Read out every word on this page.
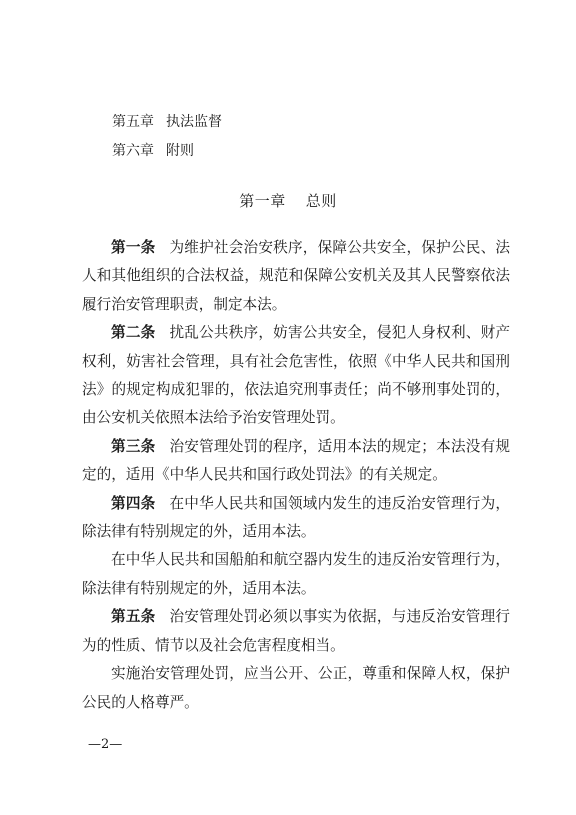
第五章 执法监督
第六章 附则
第一章 总则

第一条 为维护社会治安秩序，保障公共安全，保护公民、法人和其他组织的合法权益，规范和保障公安机关及其人民警察依法履行治安管理职责，制定本法。

第二条 扰乱公共秩序，妨害公共安全，侵犯人身权利、财产权利，妨害社会管理，具有社会危害性，依照《中华人民共和国刑法》的规定构成犯罪的，依法追究刑事责任；尚不够刑事处罚的，由公安机关依照本法给予治安管理处罚。

第三条 治安管理处罚的程序，适用本法的规定；本法没有规定的，适用《中华人民共和国行政处罚法》的有关规定。

第四条 在中华人民共和国领域内发生的违反治安管理行为，除法律有特别规定的外，适用本法。

在中华人民共和国船舶和航空器内发生的违反治安管理行为，除法律有特别规定的外，适用本法。

第五条 治安管理处罚必须以事实为依据，与违反治安管理行为的性质、情节以及社会危害程度相当。

实施治安管理处罚，应当公开、公正，尊重和保障人权，保护公民的人格尊严。

—2—
